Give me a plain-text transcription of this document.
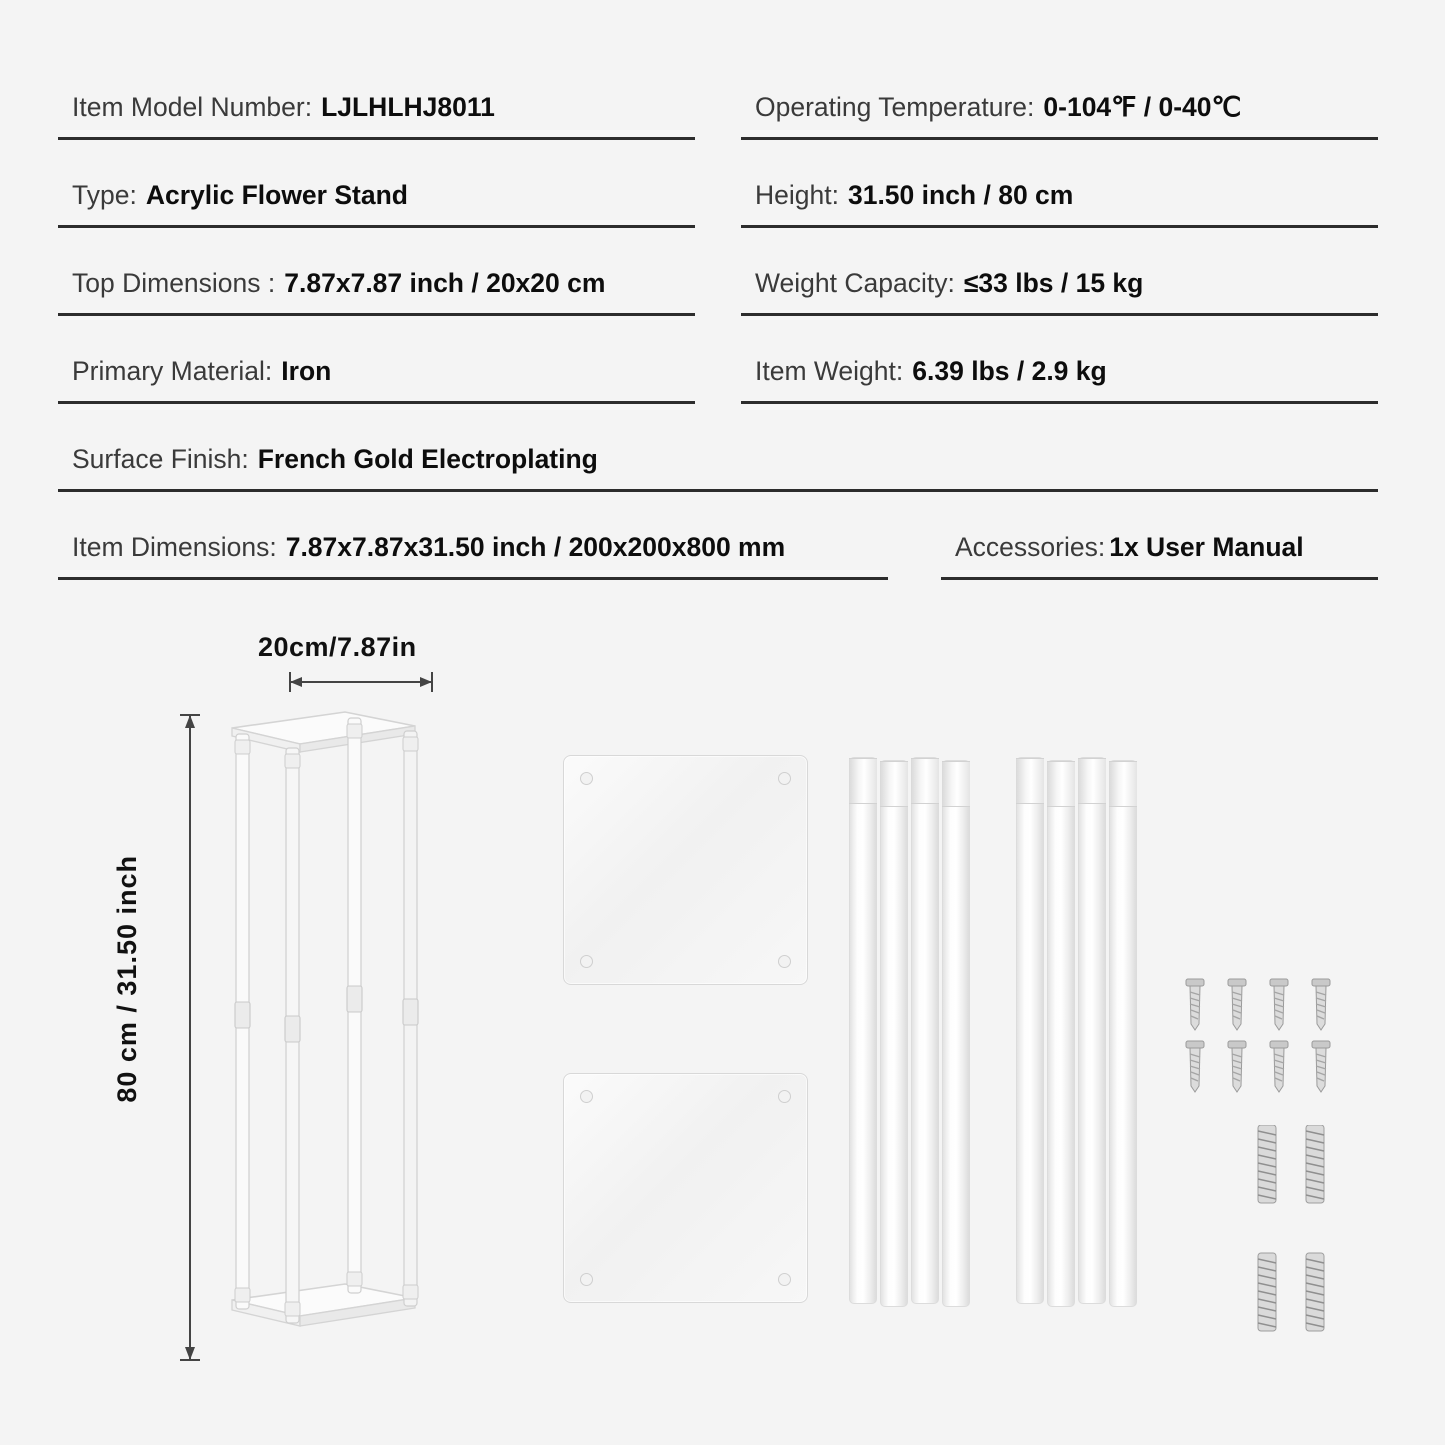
Item Model Number: LJLHLHJ8011	Operating Temperature: 0-104℉ / 0-40℃
Type: Acrylic Flower Stand	Height: 31.50 inch / 80 cm
Top Dimensions : 7.87x7.87 inch / 20x20 cm	Weight Capacity: ≤33 lbs / 15 kg
Primary Material: Iron	Item Weight: 6.39 lbs / 2.9 kg
Surface Finish: French Gold Electroplating
Item Dimensions: 7.87x7.87x31.50 inch / 200x200x800 mm	Accessories: 1x User Manual
20cm/7.87in
80 cm / 31.50 inch
